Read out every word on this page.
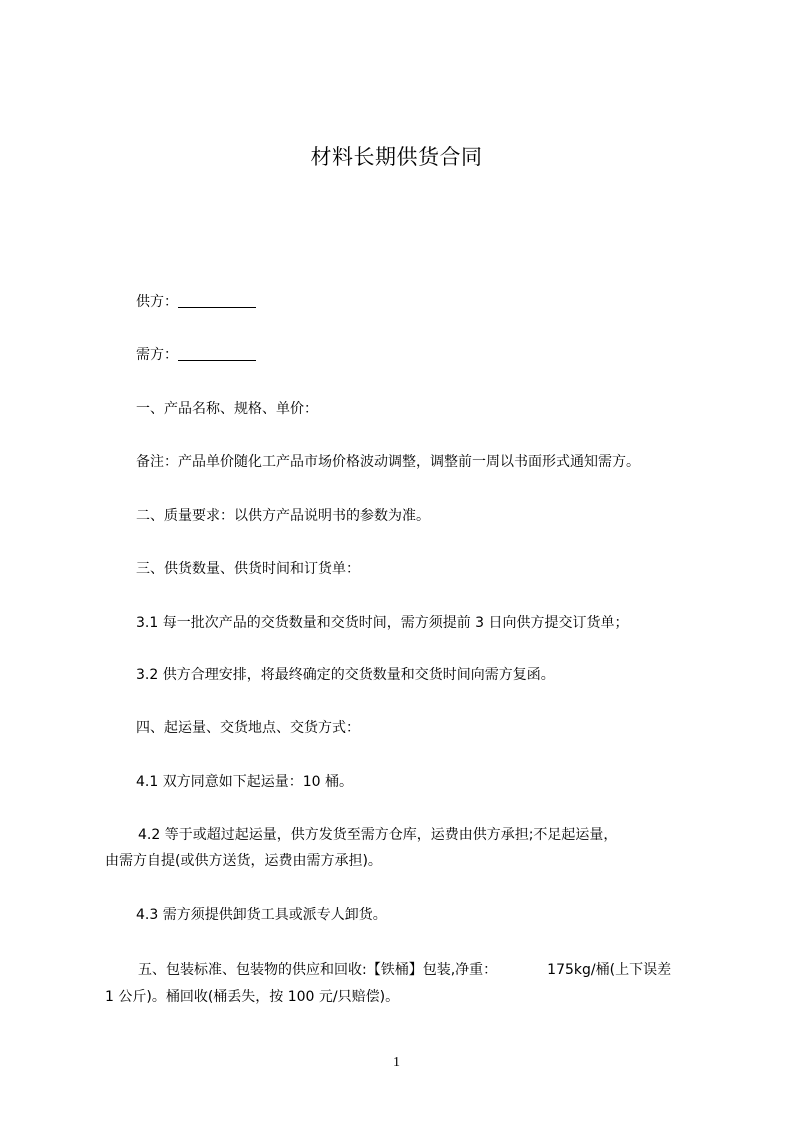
材料长期供货合同
供方：
需方：
一、产品名称、规格、单价：
备注：产品单价随化工产品市场价格波动调整，调整前一周以书面形式通知需方。
二、质量要求：以供方产品说明书的参数为准。
三、供货数量、供货时间和订货单：
3.1 每一批次产品的交货数量和交货时间，需方须提前 3 日向供方提交订货单；
3.2 供方合理安排，将最终确定的交货数量和交货时间向需方复函。
四、起运量、交货地点、交货方式：
4.1 双方同意如下起运量：10 桶。
4.2 等于或超过起运量，供方发货至需方仓库，运费由供方承担;不足起运量，
由需方自提(或供方送货，运费由需方承担)。
4.3 需方须提供卸货工具或派专人卸货。
五、包装标准、包装物的供应和回收:【铁桶】包装,净重：	175kg/桶(上下误差
1 公斤)。桶回收(桶丢失，按 100 元/只赔偿)。
1
